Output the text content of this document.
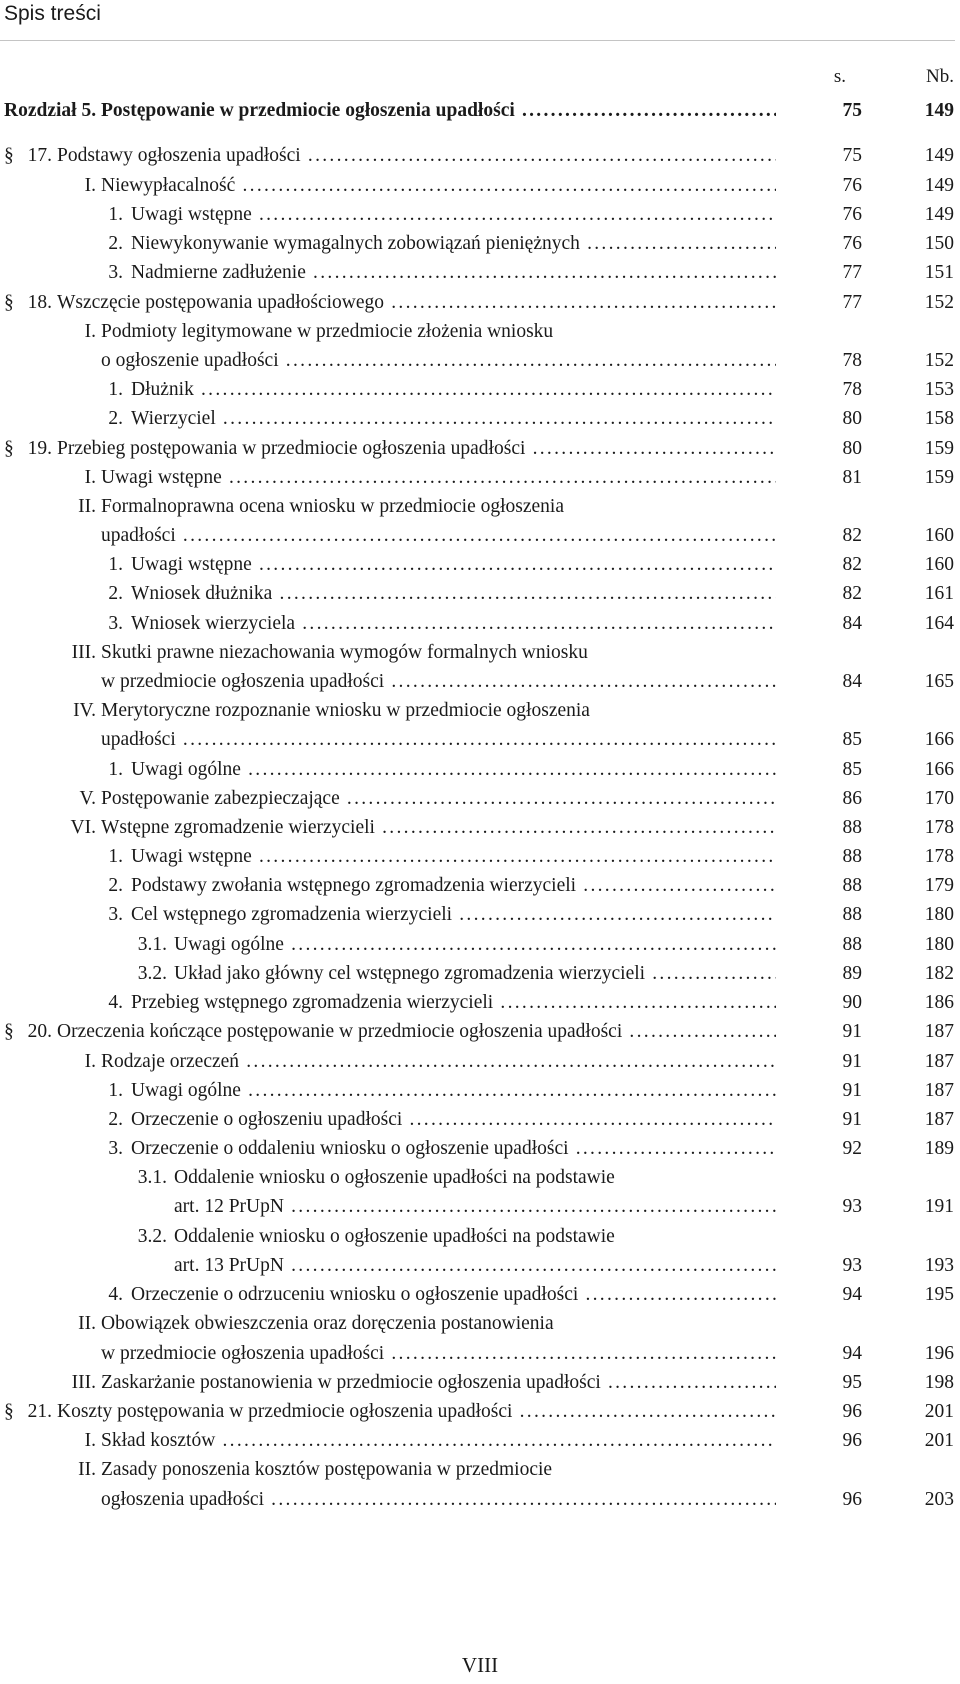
Spis treści
s.	Nb.
Rozdział 5. Postępowanie w przedmiocie ogłoszenia upadłości .....	75	149
§ 17. Podstawy ogłoszenia upadłości .....	75	149
I. Niewypłacalność .....	76	149
1. Uwagi wstępne .....	76	149
2. Niewykonywanie wymagalnych zobowiązań pieniężnych .....	76	150
3. Nadmierne zadłużenie .....	77	151
§ 18. Wszczęcie postępowania upadłościowego .....	77	152
I. Podmioty legitymowane w przedmiocie złożenia wniosku
o ogłoszenie upadłości .....	78	152
1. Dłużnik .....	78	153
2. Wierzyciel .....	80	158
§ 19. Przebieg postępowania w przedmiocie ogłoszenia upadłości .....	80	159
I. Uwagi wstępne .....	81	159
II. Formalnoprawna ocena wniosku w przedmiocie ogłoszenia
upadłości .....	82	160
1. Uwagi wstępne .....	82	160
2. Wniosek dłużnika .....	82	161
3. Wniosek wierzyciela .....	84	164
III. Skutki prawne niezachowania wymogów formalnych wniosku
w przedmiocie ogłoszenia upadłości .....	84	165
IV. Merytoryczne rozpoznanie wniosku w przedmiocie ogłoszenia
upadłości .....	85	166
1. Uwagi ogólne .....	85	166
V. Postępowanie zabezpieczające .....	86	170
VI. Wstępne zgromadzenie wierzycieli .....	88	178
1. Uwagi wstępne .....	88	178
2. Podstawy zwołania wstępnego zgromadzenia wierzycieli .....	88	179
3. Cel wstępnego zgromadzenia wierzycieli .....	88	180
3.1. Uwagi ogólne .....	88	180
3.2. Układ jako główny cel wstępnego zgromadzenia wierzycieli .....	89	182
4. Przebieg wstępnego zgromadzenia wierzycieli .....	90	186
§ 20. Orzeczenia kończące postępowanie w przedmiocie ogłoszenia upadłości .....	91	187
I. Rodzaje orzeczeń .....	91	187
1. Uwagi ogólne .....	91	187
2. Orzeczenie o ogłoszeniu upadłości .....	91	187
3. Orzeczenie o oddaleniu wniosku o ogłoszenie upadłości .....	92	189
3.1. Oddalenie wniosku o ogłoszenie upadłości na podstawie
art. 12 PrUpN .....	93	191
3.2. Oddalenie wniosku o ogłoszenie upadłości na podstawie
art. 13 PrUpN .....	93	193
4. Orzeczenie o odrzuceniu wniosku o ogłoszenie upadłości .....	94	195
II. Obowiązek obwieszczenia oraz doręczenia postanowienia
w przedmiocie ogłoszenia upadłości .....	94	196
III. Zaskarżanie postanowienia w przedmiocie ogłoszenia upadłości .....	95	198
§ 21. Koszty postępowania w przedmiocie ogłoszenia upadłości .....	96	201
I. Skład kosztów .....	96	201
II. Zasady ponoszenia kosztów postępowania w przedmiocie
ogłoszenia upadłości .....	96	203
VIII
